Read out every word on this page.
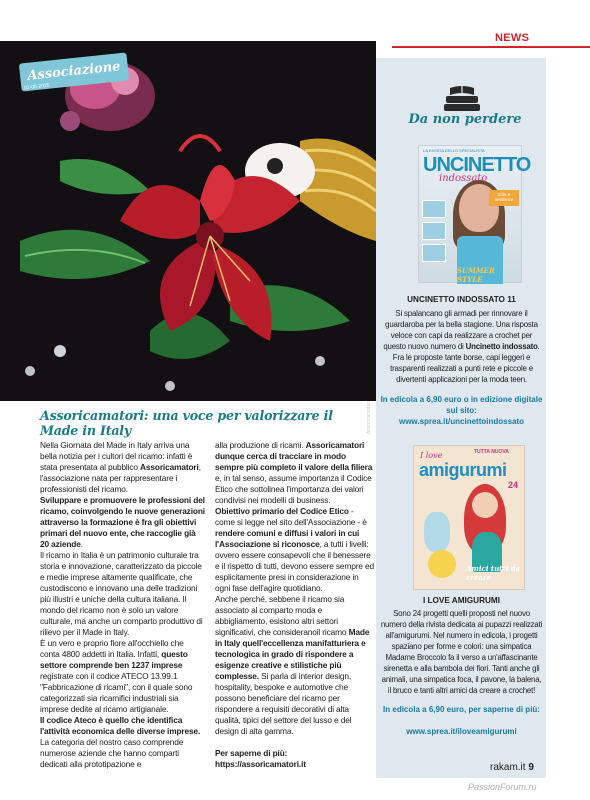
NEWS
Assoricamatori
Associazione
02-05-2025
Assoricamatori: una voce per valorizzare il Made in Italy

Nella Giornata del Made in Italy arriva una bella notizia per i cultori del ricamo: infatti è stata presentata al pubblico Assoricamatori, l'associazione nata per rappresentare i professionisti del ricamo.

Sviluppare e promuovere le professioni del ricamo, coinvolgendo le nuove generazioni attraverso la formazione è fra gli obiettivi primari del nuovo ente, che raccoglie già 20 aziende.

Il ricamo in Italia è un patrimonio culturale tra storia e innovazione, caratterizzato da piccole e medie imprese altamente qualificate, che custodiscono e innovano una delle tradizioni più illustri e uniche della cultura italiana. Il mondo del ricamo non è solo un valore culturale, ma anche un comparto produttivo di rilievo per il Made in Italy.

È un vero e proprio fiore all'occhiello che conta 4800 addetti in Italia. Infatti, questo settore comprende ben 1237 imprese registrate con il codice ATECO 13.99.1 "Fabbricazione di ricami", con il quale sono categorizzati sia ricamifici industriali sia imprese dedite al ricamo artigianale.

Il codice Ateco è quello che identifica l'attività economica delle diverse imprese. La categoria del nostro caso comprende numerose aziende che hanno comparti dedicati alla prototipazione e

alla produzione di ricami. Assoricamatori dunque cerca di tracciare in modo sempre più completo il valore della filiera e, in tal senso, assume importanza il Codice Etico che sottolinea l'importanza dei valori condivisi nei modelli di business.

Obiettivo primario del Codice Etico - come si legge nel sito dell'Associazione - è rendere comuni e diffusi i valori in cui l'Associazione si riconosce, a tutti i livelli: ovvero essere consapevoli che il benessere e il rispetto di tutti, devono essere sempre ed esplicitamente presi in considerazione in ogni fase dell'agire quotidiano.

Anche perché, sebbene il ricamo sia associato al comparto moda e abbigliamento, esistono altri settori significativi, che consideranoil ricamo Made in Italy quell'eccellenza manifatturiera e tecnologica in grado di rispondere a esigenze creative e stilistiche più complesse. Si parla di interior design, hospitality, bespoke e automotive che possono beneficiare del ricamo per rispondere a requisiti decorativi di alta qualità, tipici del settore del lusso e del design di alta gamma.

Per saperne di più:

https://assoricamatori.it

Da non perdere
LA RIVISTA DELLO SPECIALISTA
UNCINETTO
indossato
Stile & tendenze
SUMMER STYLE
UNCINETTO INDOSSATO 11
Si spalancano gli armadi per rinnovare il guardaroba per la bella stagione. Una risposta veloce con capi da realizzare a crochet per questo nuovo numero di Uncinetto indossato. Fra le proposte tante borse, capi leggeri e trasparenti realizzati a punti rete e piccole e divertenti applicazioni per la moda teen.
In edicola a 6,90 euro o in edizione digitale sul sito:
www.sprea.it/uncinettoindossato
I love	TUTTA NUOVA
amigurumi
24
Amici tutti da creare
I LOVE AMIGURUMI
Sono 24 progetti quelli proposti nel nuovo numero della rivista dedicata ai pupazzi realizzati all'amigurumi. Nel numero in edicola, i progetti spaziano per forme e colori: una simpatica Madame Broccolo fa il verso a un'affascinante sirenetta e alla bambola dei fiori. Tanti anche gli animali, una simpatica foca, il pavone, la balena, il bruco e tanti altri amici da creare a crochet!
In edicola a 6,90 euro, per saperne di più:
www.sprea.it/iloveamigurumi
rakam.it 9
PassionForum.ru
